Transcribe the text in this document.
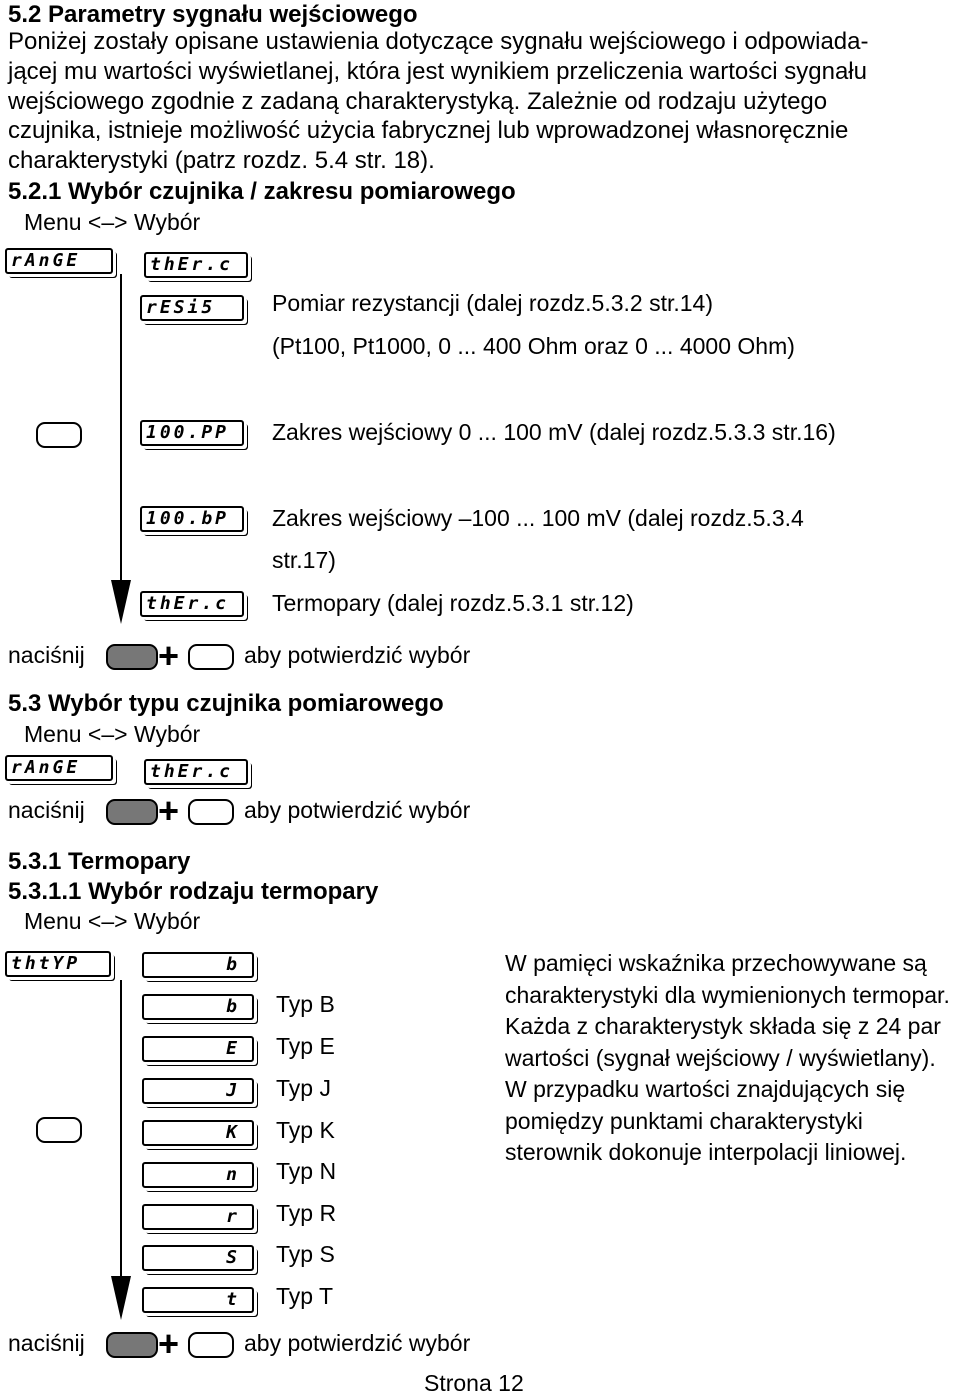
5.2 Parametry sygnału wejściowego
Poniżej zostały opisane ustawienia dotyczące sygnału wejściowego i odpowiada-
jącej mu wartości wyświetlanej, która jest wynikiem przeliczenia wartości sygnału
wejściowego zgodnie z zadaną charakterystyką. Zależnie od rodzaju użytego
czujnika, istnieje możliwość użycia fabrycznej lub wprowadzonej własnoręcznie
charakterystyki (patrz rozdz. 5.4 str. 18).
5.2.1 Wybór czujnika / zakresu pomiarowego
Menu <–> Wybór
rAnGE	thEr.c
rESi5	Pomiar rezystancji (dalej rozdz.5.3.2 str.14)
(Pt100, Pt1000, 0 ... 400 Ohm oraz 0 ... 4000 Ohm)
100.PP	Zakres wejściowy 0 ... 100 mV (dalej rozdz.5.3.3 str.16)
100.bP	Zakres wejściowy –100 ... 100 mV (dalej rozdz.5.3.4
str.17)
thEr.c	Termopary (dalej rozdz.5.3.1 str.12)
naciśnij +	aby potwierdzić wybór
5.3 Wybór typu czujnika pomiarowego
Menu <–> Wybór
rAnGE	thEr.c
naciśnij +	aby potwierdzić wybór
5.3.1 Termopary
5.3.1.1 Wybór rodzaju termopary
Menu <–> Wybór
thtYP	b
b	Typ B
E	Typ E
J	Typ J
K	Typ K
n	Typ N
r	Typ R
S	Typ S
t	Typ T
W pamięci wskaźnika przechowywane są charakterystyki dla wymienionych termopar. Każda z charakterystyk składa się z 24 par wartości (sygnał wejściowy / wyświetlany). W przypadku wartości znajdujących się pomiędzy punktami charakterystyki sterownik dokonuje interpolacji liniowej.
naciśnij +	aby potwierdzić wybór
Strona 12
